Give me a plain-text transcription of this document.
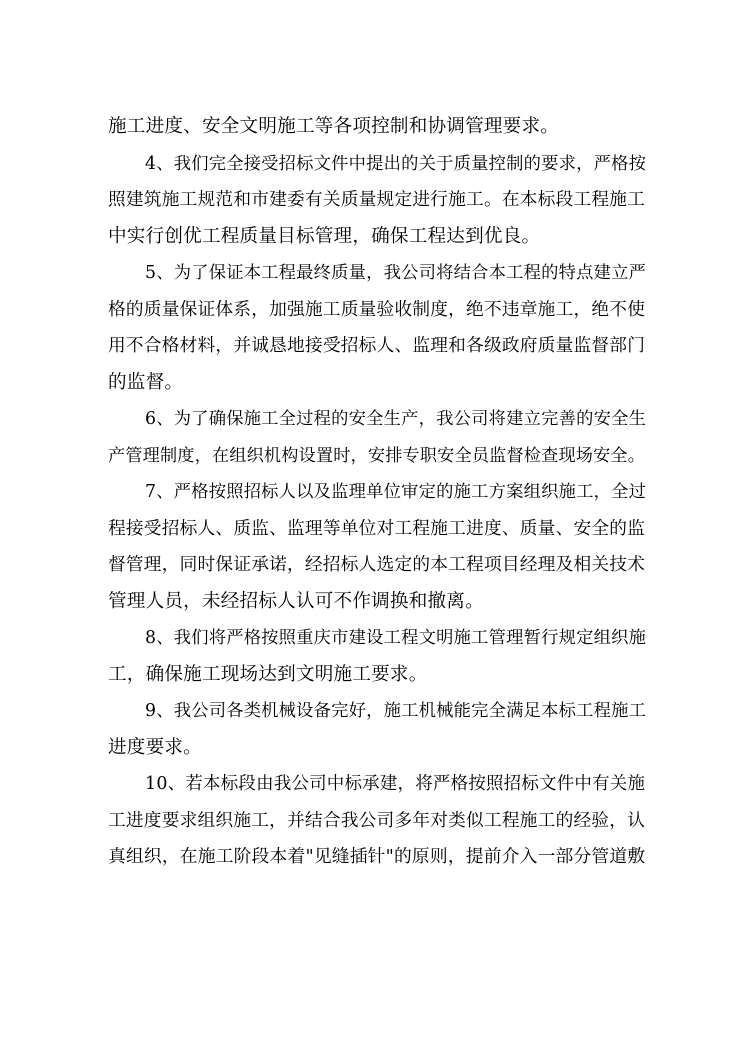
施工进度、安全文明施工等各项控制和协调管理要求。
4、我们完全接受招标文件中提出的关于质量控制的要求，严格按
照建筑施工规范和市建委有关质量规定进行施工。在本标段工程施工
中实行创优工程质量目标管理，确保工程达到优良。
5、为了保证本工程最终质量，我公司将结合本工程的特点建立严
格的质量保证体系，加强施工质量验收制度，绝不违章施工，绝不使
用不合格材料，并诚恳地接受招标人、监理和各级政府质量监督部门
的监督。
6、为了确保施工全过程的安全生产，我公司将建立完善的安全生
产管理制度，在组织机构设置时，安排专职安全员监督检查现场安全。
7、严格按照招标人以及监理单位审定的施工方案组织施工，全过
程接受招标人、质监、监理等单位对工程施工进度、质量、安全的监
督管理，同时保证承诺，经招标人选定的本工程项目经理及相关技术
管理人员，未经招标人认可不作调换和撤离。
8、我们将严格按照重庆市建设工程文明施工管理暂行规定组织施
工，确保施工现场达到文明施工要求。
9、我公司各类机械设备完好，施工机械能完全满足本标工程施工
进度要求。
10、若本标段由我公司中标承建，将严格按照招标文件中有关施
工进度要求组织施工，并结合我公司多年对类似工程施工的经验，认
真组织，在施工阶段本着"见缝插针"的原则，提前介入一部分管道敷
